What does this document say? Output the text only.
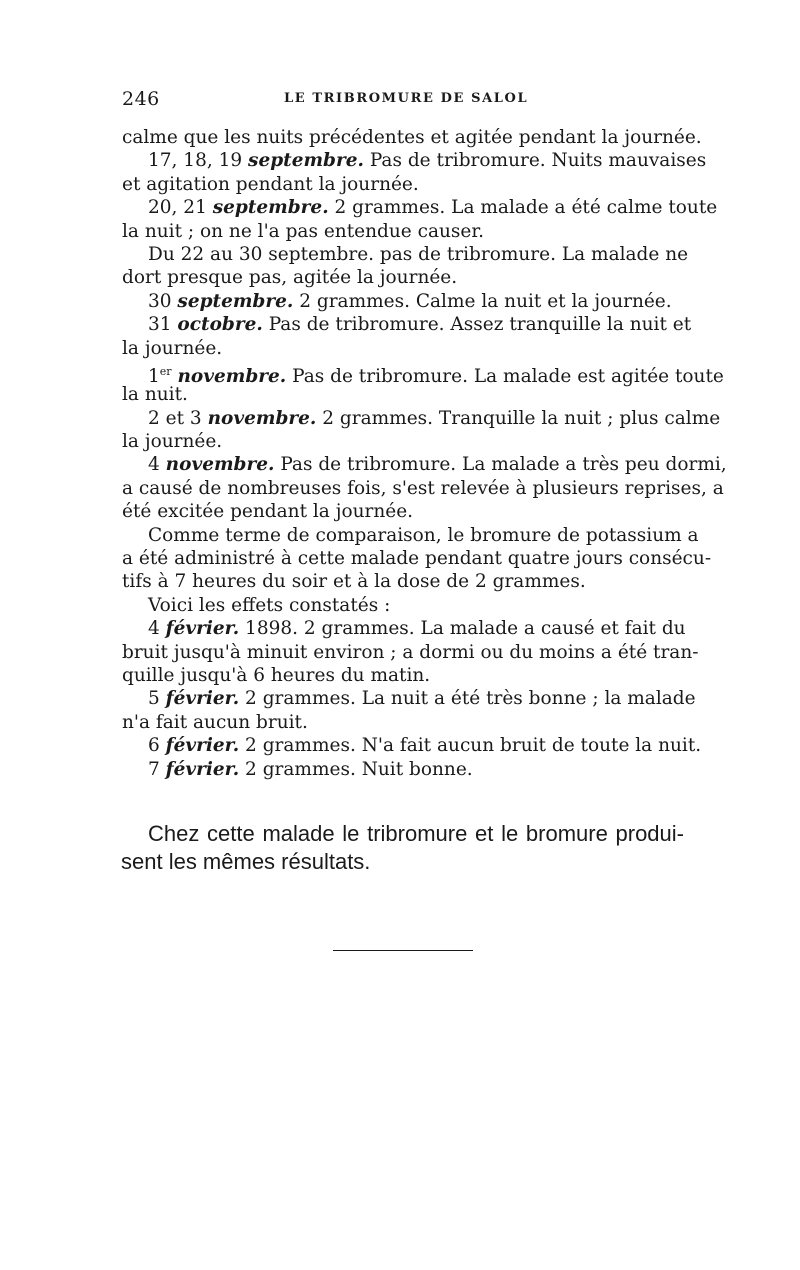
246	LE TRIBROMURE DE SALOL
calme que les nuits précédentes et agitée pendant la journée.
17, 18, 19 septembre. Pas de tribromure. Nuits mauvaises
et agitation pendant la journée.
20, 21 septembre. 2 grammes. La malade a été calme toute
la nuit ; on ne l'a pas entendue causer.
Du 22 au 30 septembre. pas de tribromure. La malade ne
dort presque pas, agitée la journée.
30 septembre. 2 grammes. Calme la nuit et la journée.
31 octobre. Pas de tribromure. Assez tranquille la nuit et
la journée.
1er novembre. Pas de tribromure. La malade est agitée toute
la nuit.
2 et 3 novembre. 2 grammes. Tranquille la nuit ; plus calme
la journée.
4 novembre. Pas de tribromure. La malade a très peu dormi,
a causé de nombreuses fois, s'est relevée à plusieurs reprises, a
été excitée pendant la journée.
Comme terme de comparaison, le bromure de potassium a
a été administré à cette malade pendant quatre jours consécu-
tifs à 7 heures du soir et à la dose de 2 grammes.
Voici les effets constatés :
4 février. 1898. 2 grammes. La malade a causé et fait du
bruit jusqu'à minuit environ ; a dormi ou du moins a été tran-
quille jusqu'à 6 heures du matin.
5 février. 2 grammes. La nuit a été très bonne ; la malade
n'a fait aucun bruit.
6 février. 2 grammes. N'a fait aucun bruit de toute la nuit.
7 février. 2 grammes. Nuit bonne.
Chez cette malade le tribromure et le bromure produi-
sent les mêmes résultats.
